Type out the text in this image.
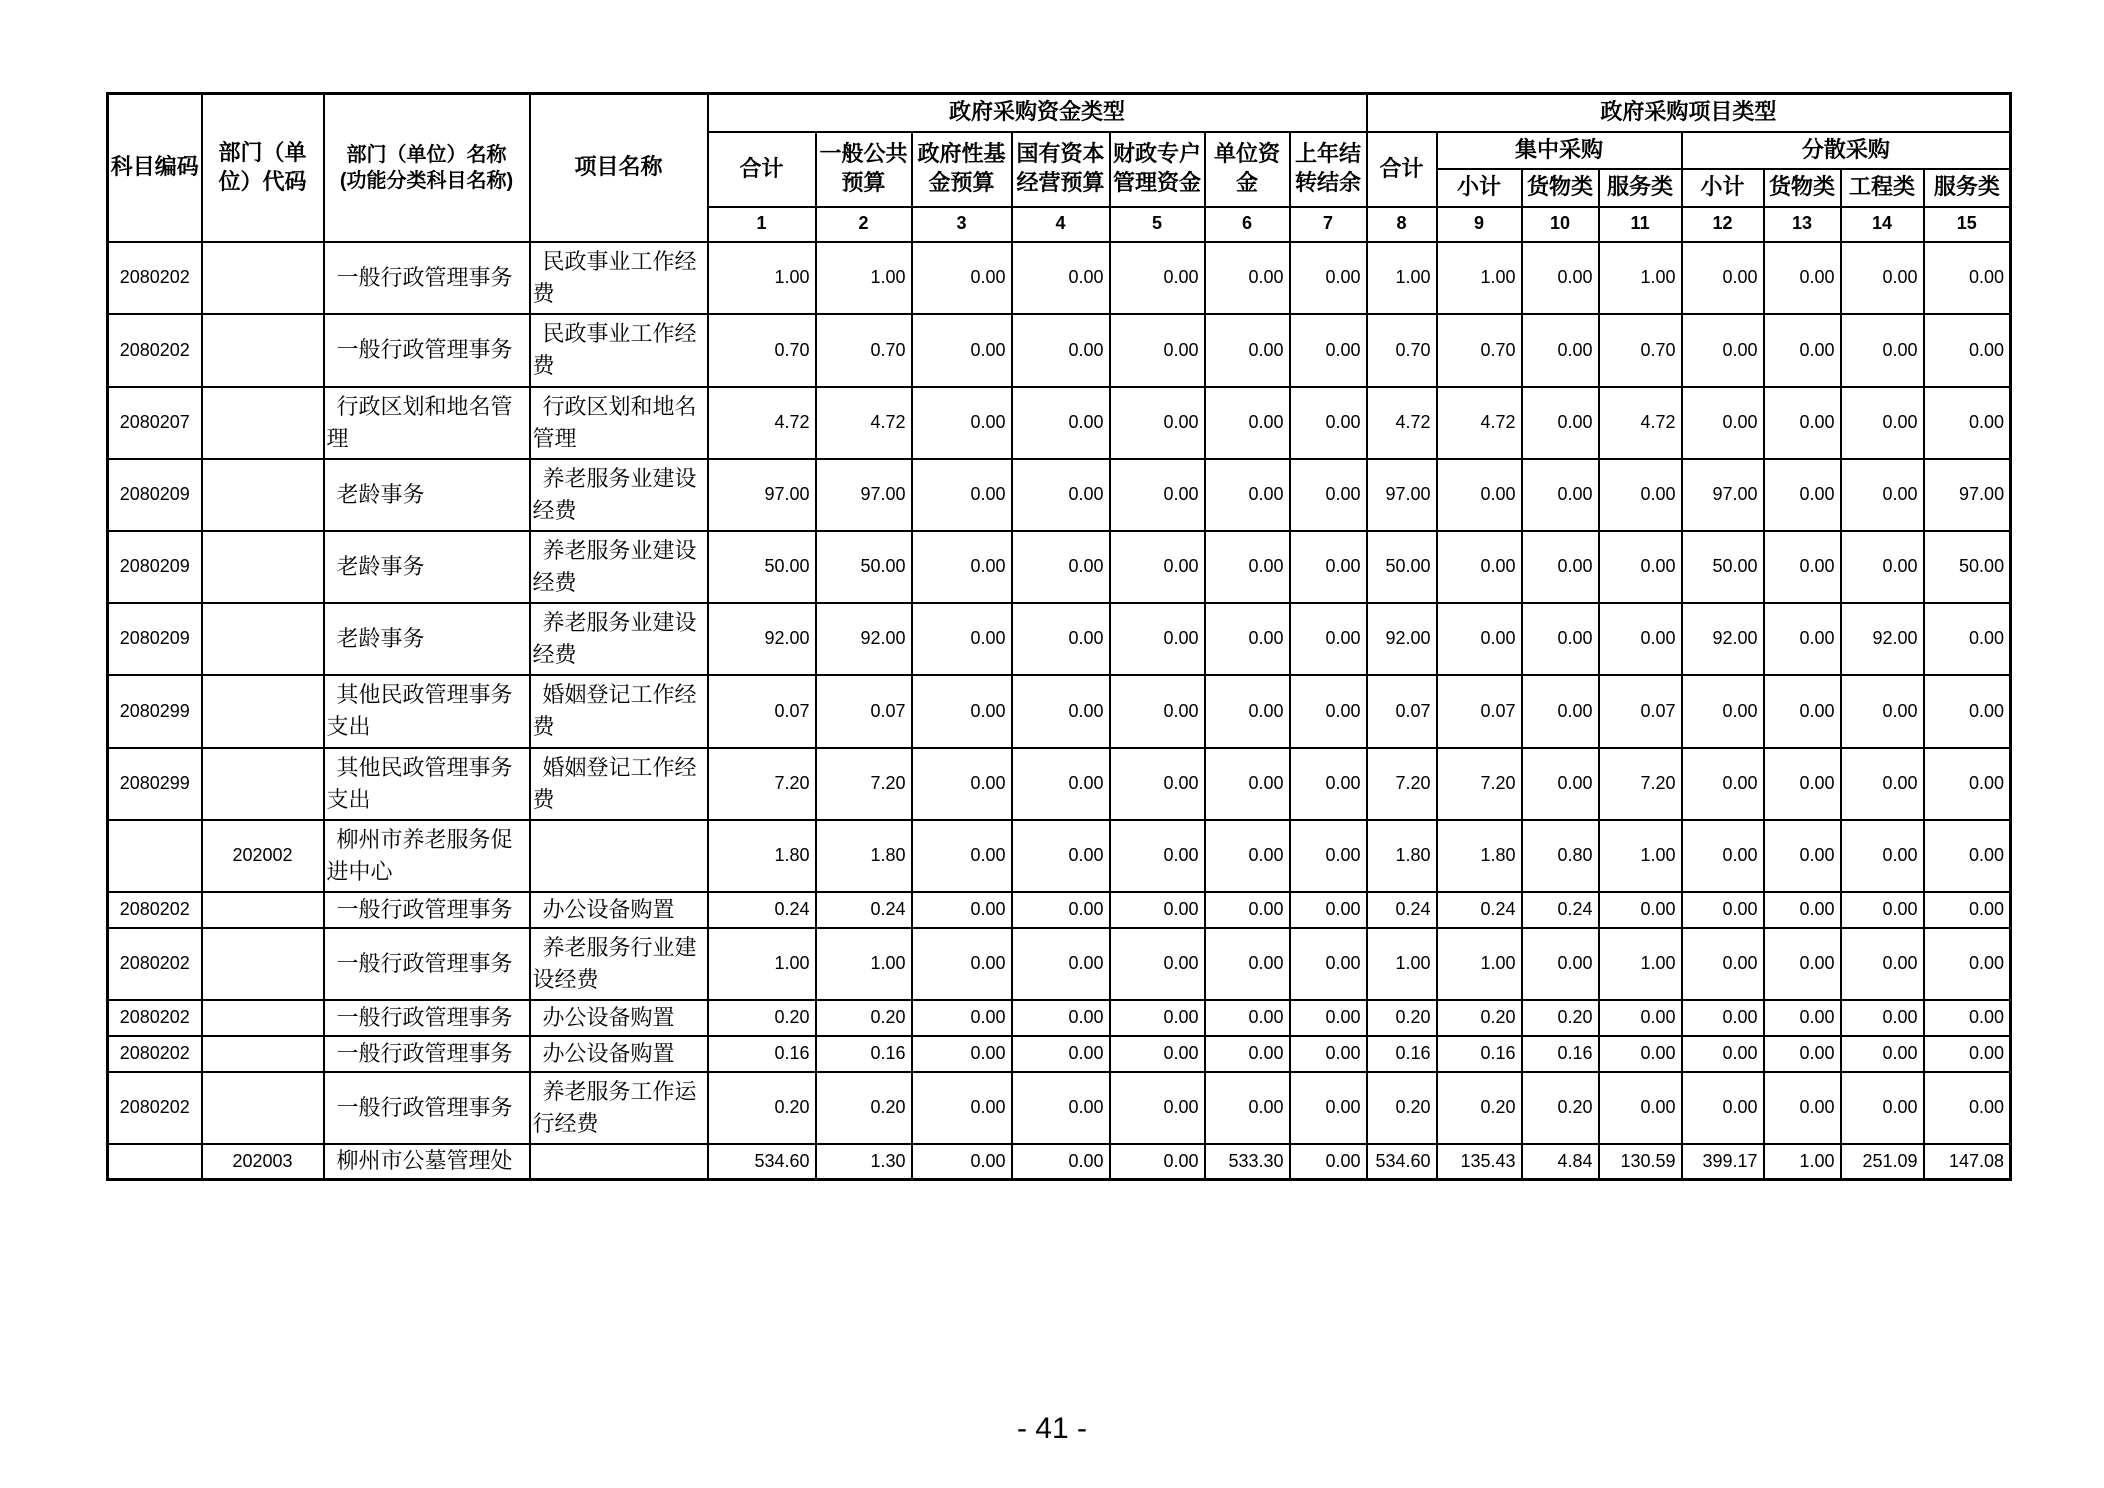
科目编码	部门（单位）代码	部门（单位）名称
(功能分类科目名称)	项目名称	政府采购资金类型							政府采购项目类型							
				合计	一般公共预算	政府性基金预算	国有资本经营预算	财政专户管理资金	单位资金	上年结转结余	合计	集中采购			分散采购			
												小计	货物类	服务类	小计	货物类	工程类	服务类
				1	2	3	4	5	6	7	8	9	10	11	12	13	14	15
2080202		一般行政管理事务	民政事业工作经费	1.00	1.00	0.00	0.00	0.00	0.00	0.00	1.00	1.00	0.00	1.00	0.00	0.00	0.00	0.00
2080202		一般行政管理事务	民政事业工作经费	0.70	0.70	0.00	0.00	0.00	0.00	0.00	0.70	0.70	0.00	0.70	0.00	0.00	0.00	0.00
2080207		行政区划和地名管理	行政区划和地名管理	4.72	4.72	0.00	0.00	0.00	0.00	0.00	4.72	4.72	0.00	4.72	0.00	0.00	0.00	0.00
2080209		老龄事务	养老服务业建设经费	97.00	97.00	0.00	0.00	0.00	0.00	0.00	97.00	0.00	0.00	0.00	97.00	0.00	0.00	97.00
2080209		老龄事务	养老服务业建设经费	50.00	50.00	0.00	0.00	0.00	0.00	0.00	50.00	0.00	0.00	0.00	50.00	0.00	0.00	50.00
2080209		老龄事务	养老服务业建设经费	92.00	92.00	0.00	0.00	0.00	0.00	0.00	92.00	0.00	0.00	0.00	92.00	0.00	92.00	0.00
2080299		其他民政管理事务支出	婚姻登记工作经费	0.07	0.07	0.00	0.00	0.00	0.00	0.00	0.07	0.07	0.00	0.07	0.00	0.00	0.00	0.00
2080299		其他民政管理事务支出	婚姻登记工作经费	7.20	7.20	0.00	0.00	0.00	0.00	0.00	7.20	7.20	0.00	7.20	0.00	0.00	0.00	0.00
	202002	柳州市养老服务促进中心		1.80	1.80	0.00	0.00	0.00	0.00	0.00	1.80	1.80	0.80	1.00	0.00	0.00	0.00	0.00
2080202		一般行政管理事务	办公设备购置	0.24	0.24	0.00	0.00	0.00	0.00	0.00	0.24	0.24	0.24	0.00	0.00	0.00	0.00	0.00
2080202		一般行政管理事务	养老服务行业建设经费	1.00	1.00	0.00	0.00	0.00	0.00	0.00	1.00	1.00	0.00	1.00	0.00	0.00	0.00	0.00
2080202		一般行政管理事务	办公设备购置	0.20	0.20	0.00	0.00	0.00	0.00	0.00	0.20	0.20	0.20	0.00	0.00	0.00	0.00	0.00
2080202		一般行政管理事务	办公设备购置	0.16	0.16	0.00	0.00	0.00	0.00	0.00	0.16	0.16	0.16	0.00	0.00	0.00	0.00	0.00
2080202		一般行政管理事务	养老服务工作运行经费	0.20	0.20	0.00	0.00	0.00	0.00	0.00	0.20	0.20	0.20	0.00	0.00	0.00	0.00	0.00
	202003	柳州市公墓管理处		534.60	1.30	0.00	0.00	0.00	533.30	0.00	534.60	135.43	4.84	130.59	399.17	1.00	251.09	147.08
- 41 -
